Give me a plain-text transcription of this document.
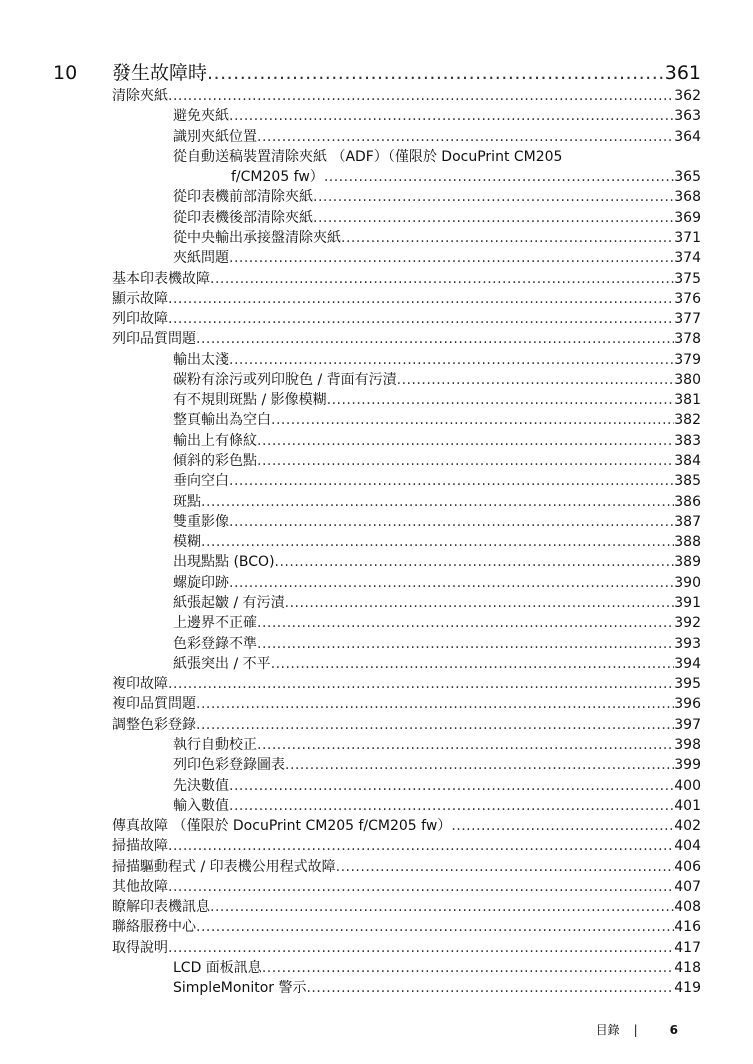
10 發生故障時 .....	361
清除夾紙 .....	362
避免夾紙 .....	363
識別夾紙位置 .....	364
從自動送稿裝置清除夾紙 （ADF）（僅限於 DocuPrint CM205
f/CM205 fw） .....	365
從印表機前部清除夾紙 .....	368
從印表機後部清除夾紙 .....	369
從中央輸出承接盤清除夾紙 .....	371
夾紙問題 .....	374
基本印表機故障 .....	375
顯示故障 .....	376
列印故障 .....	377
列印品質問題 .....	378
輸出太淺 .....	379
碳粉有涂污或列印脫色 / 背面有污漬 .....	380
有不規則斑點 / 影像模糊 .....	381
整頁輸出為空白 .....	382
輸出上有條紋 .....	383
傾斜的彩色點 .....	384
垂向空白 .....	385
斑點 .....	386
雙重影像 .....	387
模糊 .....	388
出現點點 (BCO) .....	389
螺旋印跡 .....	390
紙張起皺 / 有污漬 .....	391
上邊界不正確 .....	392
色彩登錄不準 .....	393
紙張突出 / 不平 .....	394
複印故障 .....	395
複印品質問題 .....	396
調整色彩登錄 .....	397
執行自動校正 .....	398
列印色彩登錄圖表 .....	399
先決數值 .....	400
輸入數值 .....	401
傳真故障 （僅限於 DocuPrint CM205 f/CM205 fw） .....	402
掃描故障 .....	404
掃描驅動程式 / 印表機公用程式故障 .....	406
其他故障 .....	407
瞭解印表機訊息 .....	408
聯絡服務中心 .....	416
取得說明 .....	417
LCD 面板訊息 .....	418
SimpleMonitor 警示 .....	419
目錄 |	6
